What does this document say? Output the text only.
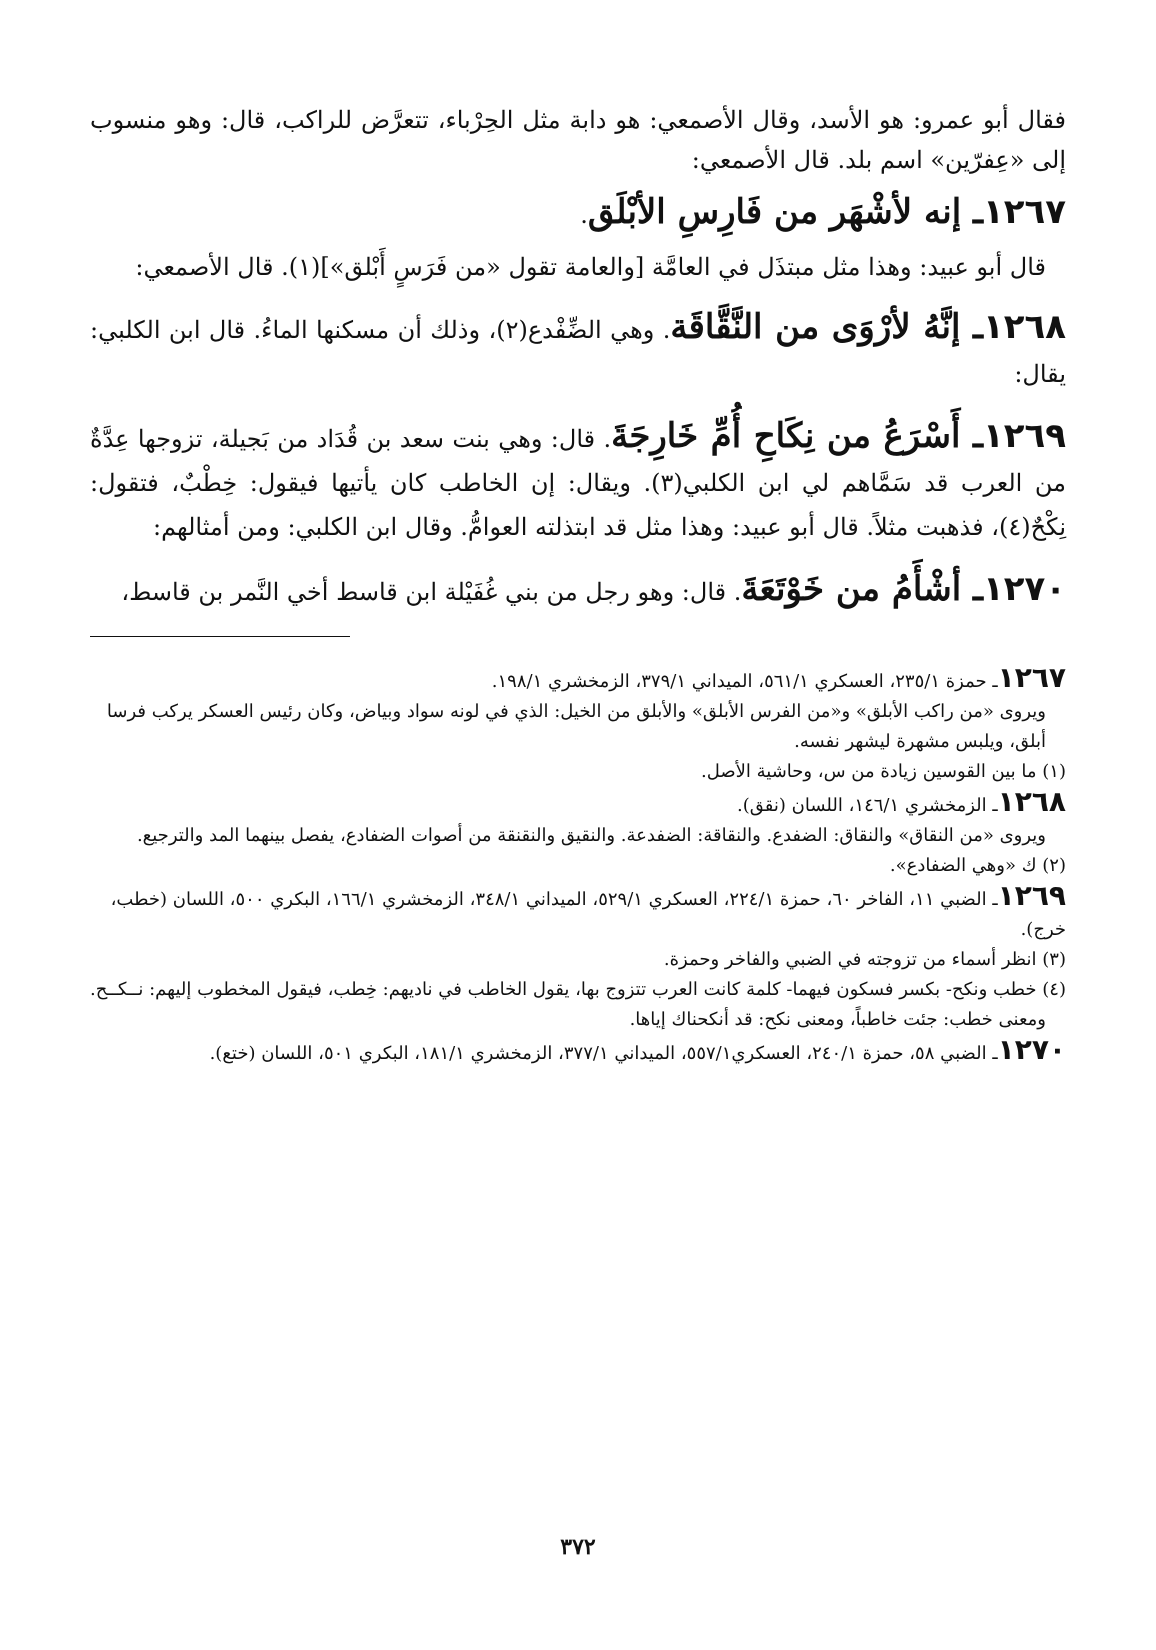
فقال أبو عمرو: هو الأسد، وقال الأصمعي: هو دابة مثل الحِرْباء، تتعرَّض للراكب، قال: وهو منسوب إلى «عِفرّين» اسم بلد. قال الأصمعي:

١٢٦٧ـ إنه لأشْهَر من فَارِسِ الأبْلَق.

قال أبو عبيد: وهذا مثل مبتذَل في العامَّة [والعامة تقول «من فَرَسٍ أَبْلق»](١). قال الأصمعي:

١٢٦٨ـ إنَّهُ لأرْوَى من النَّقَّاقَة. وهي الضِّفْدع(٢)، وذلك أن مسكنها الماءُ. قال ابن الكلبي: يقال:
١٢٦٩ـ أَسْرَعُ من نِكَاحِ أُمِّ خَارِجَةَ. قال: وهي بنت سعد بن قُدَاد من بَجيلة، تزوجها عِدَّةٌ من العرب قد سَمَّاهم لي ابن الكلبي(٣). ويقال: إن الخاطب كان يأتيها فيقول: خِطْبٌ، فتقول: نِكْحٌ(٤)، فذهبت مثلاً. قال أبو عبيد: وهذا مثل قد ابتذلته العوامُّ. وقال ابن الكلبي: ومن أمثالهم:
١٢٧٠ـ أشْأَمُ من خَوْتَعَةَ. قال: وهو رجل من بني غُفَيْلة ابن قاسط أخي النَّمر بن قاسط،

١٢٦٧ـ حمزة ٢٣٥/١، العسكري ٥٦١/١، الميداني ٣٧٩/١، الزمخشري ١٩٨/١.

ويروى «من راكب الأبلق» و«من الفرس الأبلق» والأبلق من الخيل: الذي في لونه سواد وبياض، وكان رئيس العسكر يركب فرسا أبلق، ويلبس مشهرة ليشهر نفسه.

(١) ما بين القوسين زيادة من س، وحاشية الأصل.

١٢٦٨ـ الزمخشري ١٤٦/١، اللسان (نقق).

ويروى «من النقاق» والنقاق: الضفدع. والنقاقة: الضفدعة. والنقيق والنقنقة من أصوات الضفادع، يفصل بينهما المد والترجيع.

(٢) ك «وهي الضفادع».

١٢٦٩ـ الضبي ١١، الفاخر ٦٠، حمزة ٢٢٤/١، العسكري ٥٢٩/١، الميداني ٣٤٨/١، الزمخشري ١٦٦/١، البكري ٥٠٠، اللسان (خطب، خرج).

(٣) انظر أسماء من تزوجته في الضبي والفاخر وحمزة.

(٤) خطب ونكح- بكسر فسكون فيهما- كلمة كانت العرب تتزوج بها، يقول الخاطب في ناديهم: خِطب، فيقول المخطوب إليهم: نــكــح.

ومعنى خطب: جئت خاطباً، ومعنى نكح: قد أنكحناك إياها.

١٢٧٠ـ الضبي ٥٨، حمزة ٢٤٠/١، العسكري٥٥٧/١، الميداني ٣٧٧/١، الزمخشري ١٨١/١، البكري ٥٠١، اللسان (ختع).

٣٧٢
